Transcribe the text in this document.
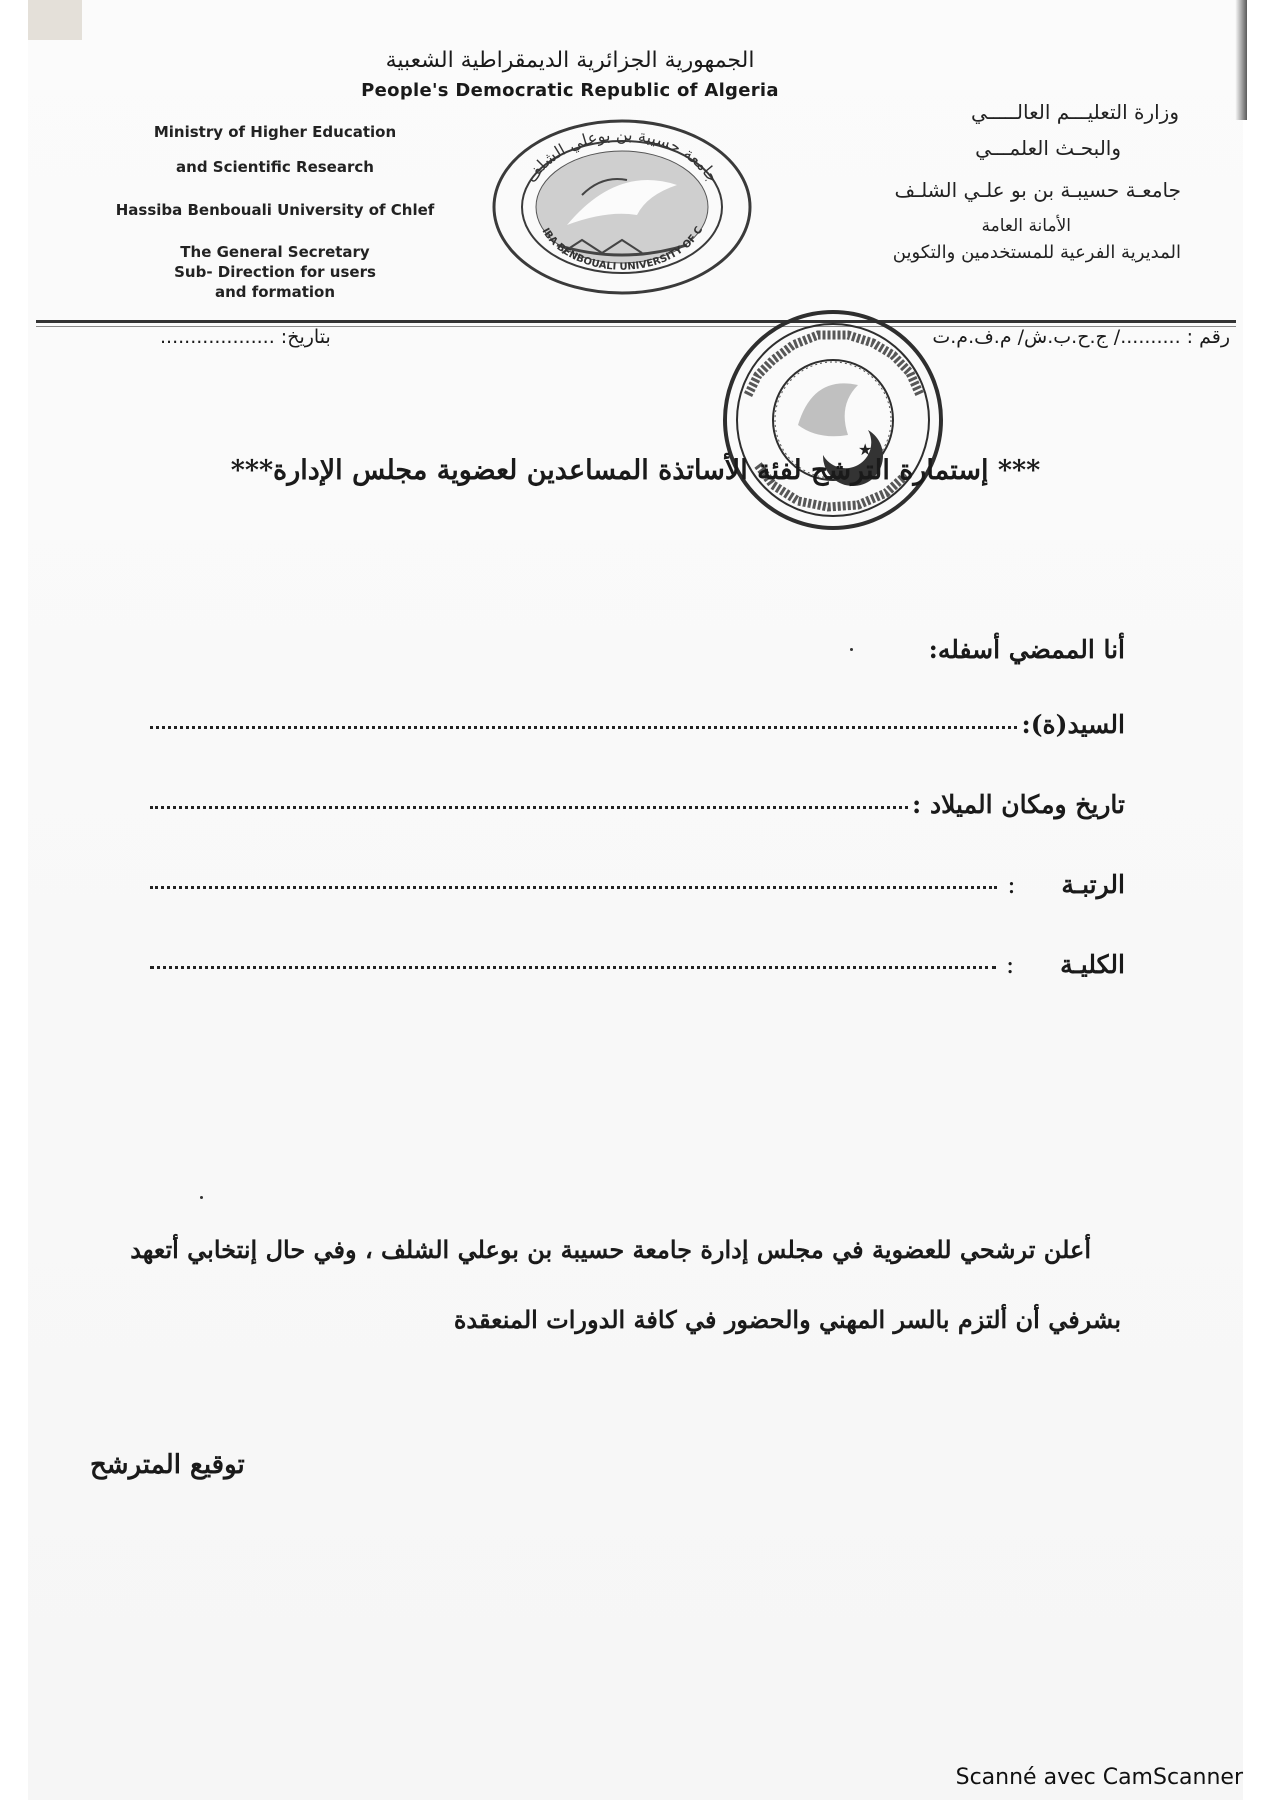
الجمهورية الجزائرية الديمقراطية الشعبية
People's Democratic Republic of Algeria
Ministry of Higher Education
and Scientific Research
Hassiba Benbouali University of Chlef
The General Secretary
Sub- Direction for users
and formation
وزارة التعليـــم العالـــــي
والبحـث العلمـــي
جامعـة حسيبـة بن بو علـي الشلـف
الأمانة العامة
المديرية الفرعية للمستخدمين والتكوين
جامعة حسيبة بن بوعلي الشلف
IBA BENBOUALI UNIVERSITY OF C
رقم : ........../ ج.ح.ب.ش/ م.ف.م.ت
بتاريخ: ...................
★
*** إستمارة الترشح لفئة الأساتذة المساعدين لعضوية مجلس الإدارة***
أنا الممضي أسفله:
السيد(ة):
تاريخ ومكان الميلاد :
الرتبـة
:
الكليـة
:
أعلن ترشحي للعضوية في مجلس إدارة جامعة حسيبة بن بوعلي الشلف ، وفي حال إنتخابي أتعهد
بشرفي أن ألتزم بالسر المهني والحضور في كافة الدورات المنعقدة
توقيع المترشح
Scanné avec CamScanner
